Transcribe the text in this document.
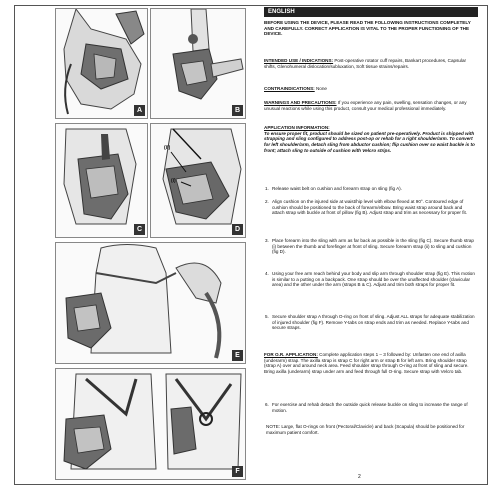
A	B
C
(ii)
(i)
D
E
F
ENGLISH
BEFORE USING THE DEVICE, PLEASE READ THE FOLLOWING INSTRUCTIONS COMPLETELY AND CAREFULLY. CORRECT APPLICATION IS VITAL TO THE PROPER FUNCTIONING OF THE DEVICE.
INTENDED USE / INDICATIONS: Post-operative rotator cuff repairs, Bankart procedures, Capsular shifts, Glenohumeral dislocation/subluxation, Soft tissue strains/repairs.
CONTRAINDICATIONS: None
WARNINGS AND PRECAUTIONS: If you experience any pain, swelling, sensation changes, or any unusual reactions while using this product, consult your medical professional immediately.
APPLICATION INFORMATION:
To ensure proper fit, product should be sized on patient pre-operatively. Product is shipped with strapping and sling configured to address post-op or rehab for a right shoulder/arm. To convert for left shoulder/arm, detach sling from abductor cushion; flip cushion over so waist buckle is to front; attach sling to outside of cushion with Velcro strips.
1. Release waist belt on cushion and forearm strap on sling (fig A).
2. Align cushion on the injured side at waist/hip level with elbow flexed at 90°. Contoured edge of cushion should be positioned to the back of forearm/elbow. Bring waist strap around back and attach strap with buckle at front of pillow (fig B). Adjust strap and trim as necessary for proper fit.
3. Place forearm into the sling with arm as far back as possible in the sling (fig C). Secure thumb strap (i) between the thumb and forefinger at front of sling. Secure forearm strap (ii) to sling and cushion (fig D).
4. Using your free arm reach behind your body and slip arm through shoulder strap (fig E). This motion is similar to a putting on a backpack. One strap should be over the unaffected shoulder (clavicular area) and the other under the arm (straps B & C). Adjust and trim both straps for proper fit.
5. Secure shoulder strap A through O-ring on front of sling. Adjust ALL straps for adequate stabilization of injured shoulder (fig F). Remove Y-tabs on strap ends and trim as needed. Replace Y-tabs and secure straps.
FOR O.R. APPLICATION: Complete application steps 1 – 3 followed by: Unfasten one end of axilla (underarm) strap. The axilla strap is strap C for right arm or strap B for left arm. Bring shoulder strap (strap A) over and around neck area. Feed shoulder strap through O-ring at front of sling and secure. Bring axilla (underarm) strap under arm and feed through full O-ring. Secure strap with Velcro tab.
6. For exercise and rehab detach the outside quick release buckle on sling to increase the range of motion.
NOTE: Large, flat O-rings on front (Pectoral/Clavicle) and back (Scapula) should be positioned for maximum patient comfort.
2
